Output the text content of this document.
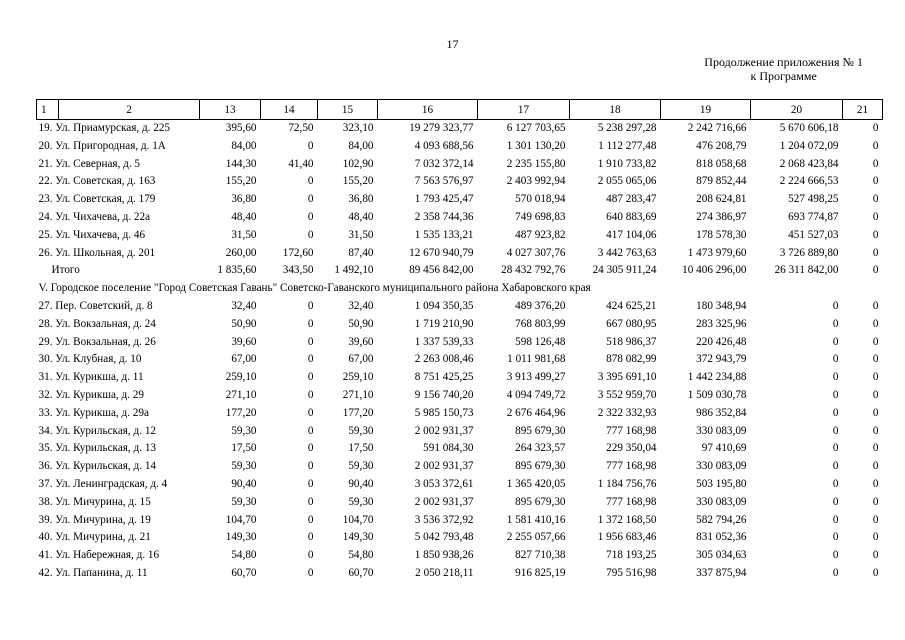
17
Продолжение приложения № 1
к Программе
1	2	13	14	15	16	17	18	19	20	21
19. Ул. Приамурская, д. 225		395,60	72,50	323,10	19 279 323,77	6 127 703,65	5 238 297,28	2 242 716,66	5 670 606,18	0
20. Ул. Пригородная, д. 1А		84,00	0	84,00	4 093 688,56	1 301 130,20	1 112 277,48	476 208,79	1 204 072,09	0
21. Ул. Северная, д. 5		144,30	41,40	102,90	7 032 372,14	2 235 155,80	1 910 733,82	818 058,68	2 068 423,84	0
22. Ул. Советская, д. 163		155,20	0	155,20	7 563 576,97	2 403 992,94	2 055 065,06	879 852,44	2 224 666,53	0
23. Ул. Советская, д. 179		36,80	0	36,80	1 793 425,47	570 018,94	487 283,47	208 624,81	527 498,25	0
24. Ул. Чихачева, д. 22а		48,40	0	48,40	2 358 744,36	749 698,83	640 883,69	274 386,97	693 774,87	0
25. Ул. Чихачева, д. 46		31,50	0	31,50	1 535 133,21	487 923,82	417 104,06	178 578,30	451 527,03	0
26. Ул. Школьная, д. 201		260,00	172,60	87,40	12 670 940,79	4 027 307,76	3 442 763,63	1 473 979,60	3 726 889,80	0
Итого		1 835,60	343,50	1 492,10	89 456 842,00	28 432 792,76	24 305 911,24	10 406 296,00	26 311 842,00	0
V. Городское поселение "Город Советская Гавань" Советско-Гаванского муниципального района Хабаровского края										
27. Пер. Советский, д. 8		32,40	0	32,40	1 094 350,35	489 376,20	424 625,21	180 348,94	0	0
28. Ул. Вокзальная, д. 24		50,90	0	50,90	1 719 210,90	768 803,99	667 080,95	283 325,96	0	0
29. Ул. Вокзальная, д. 26		39,60	0	39,60	1 337 539,33	598 126,48	518 986,37	220 426,48	0	0
30. Ул. Клубная, д. 10		67,00	0	67,00	2 263 008,46	1 011 981,68	878 082,99	372 943,79	0	0
31. Ул. Курикша, д. 11		259,10	0	259,10	8 751 425,25	3 913 499,27	3 395 691,10	1 442 234,88	0	0
32. Ул. Курикша, д. 29		271,10	0	271,10	9 156 740,20	4 094 749,72	3 552 959,70	1 509 030,78	0	0
33. Ул. Курикша, д. 29а		177,20	0	177,20	5 985 150,73	2 676 464,96	2 322 332,93	986 352,84	0	0
34. Ул. Курильская, д. 12		59,30	0	59,30	2 002 931,37	895 679,30	777 168,98	330 083,09	0	0
35. Ул. Курильская, д. 13		17,50	0	17,50	591 084,30	264 323,57	229 350,04	97 410,69	0	0
36. Ул. Курильская, д. 14		59,30	0	59,30	2 002 931,37	895 679,30	777 168,98	330 083,09	0	0
37. Ул. Ленинградская, д. 4		90,40	0	90,40	3 053 372,61	1 365 420,05	1 184 756,76	503 195,80	0	0
38. Ул. Мичурина, д. 15		59,30	0	59,30	2 002 931,37	895 679,30	777 168,98	330 083,09	0	0
39. Ул. Мичурина, д. 19		104,70	0	104,70	3 536 372,92	1 581 410,16	1 372 168,50	582 794,26	0	0
40. Ул. Мичурина, д. 21		149,30	0	149,30	5 042 793,48	2 255 057,66	1 956 683,46	831 052,36	0	0
41. Ул. Набережная, д. 16		54,80	0	54,80	1 850 938,26	827 710,38	718 193,25	305 034,63	0	0
42. Ул. Папанина, д. 11		60,70	0	60,70	2 050 218,11	916 825,19	795 516,98	337 875,94	0	0
